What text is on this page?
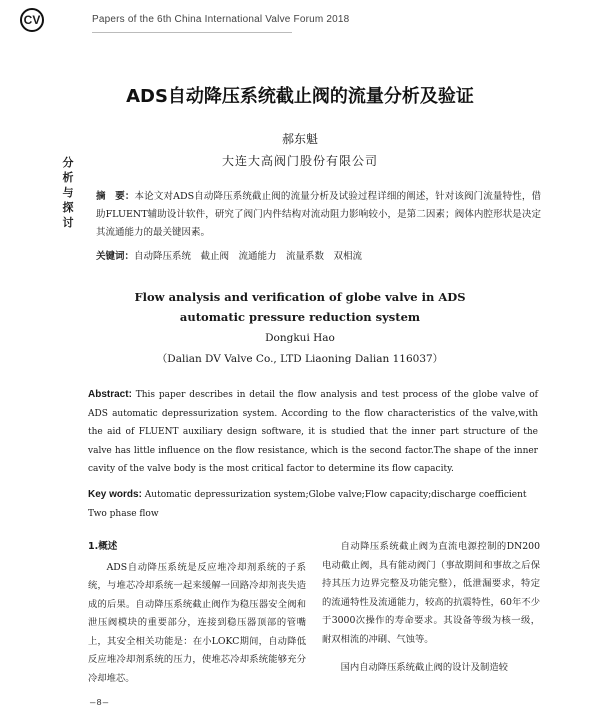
CV	Papers of the 6th China International Valve Forum 2018
分
析
与
探
讨
ADS自动降压系统截止阀的流量分析及验证
郝东魁
大连大高阀门股份有限公司
摘　要：本论文对ADS自动降压系统截止阀的流量分析及试验过程详细的阐述，针对该阀门流量特性，借助FLUENT辅助设计软件，研究了阀门内件结构对流动阻力影响较小，是第二因素；阀体内腔形状是决定其流通能力的最关键因素。
关键词：自动降压系统　截止阀　流通能力　流量系数　双相流
Flow analysis and verification of globe valve in ADS
automatic pressure reduction system
Dongkui Hao
（Dalian DV Valve Co., LTD Liaoning Dalian 116037）
Abstract: This paper describes in detail the flow analysis and test process of the globe valve of ADS automatic depressurization system. According to the flow characteristics of the valve,with the aid of FLUENT auxiliary design software, it is studied that the inner part structure of the valve has little influence on the flow resistance, which is the second factor.The shape of the inner cavity of the valve body is the most critical factor to determine its flow capacity.
Key words: Automatic depressurization system;Globe valve;Flow capacity;discharge coefficient Two phase flow
1.概述

ADS自动降压系统是反应堆冷却剂系统的子系统，与堆芯冷却系统一起来缓解一回路冷却剂丧失造成的后果。自动降压系统截止阀作为稳压器安全阀和泄压阀模块的重要部分，连接到稳压器顶部的管嘴上，其安全相关功能是：在小LOKC期间，自动降低反应堆冷却剂系统的压力，使堆芯冷却系统能够充分冷却堆芯。

自动降压系统截止阀为直流电源控制的DN200电动截止阀，具有能动阀门（事故期间和事故之后保持其压力边界完整及功能完整），低泄漏要求，特定的流通特性及流通能力，较高的抗震特性，60年不少于3000次操作的寿命要求。其设备等级为核一级，耐双相流的冲刷、气蚀等。

国内自动降压系统截止阀的设计及制造较

—8—
